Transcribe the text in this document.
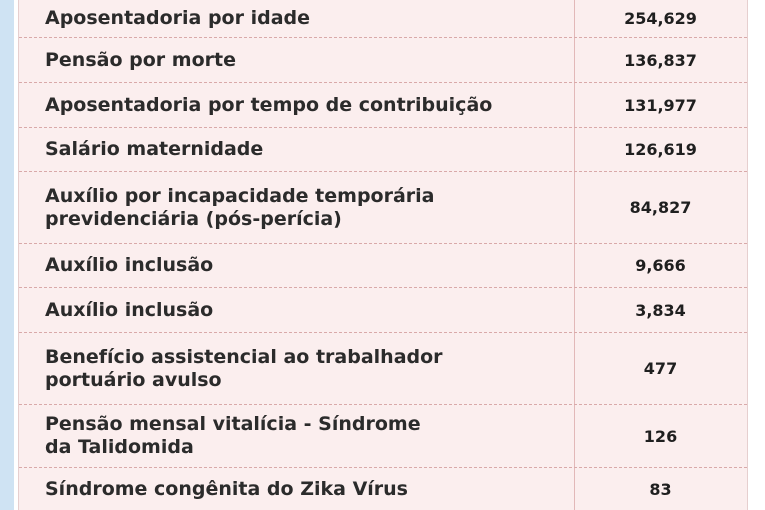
Aposentadoria por idade	254,629
Pensão por morte	136,837
Aposentadoria por tempo de contribuição	131,977
Salário maternidade	126,619
Auxílio por incapacidade temporária
previdenciária (pós-perícia)	84,827
Auxílio inclusão	9,666
Auxílio inclusão	3,834
Benefício assistencial ao trabalhador
portuário avulso	477
Pensão mensal vitalícia - Síndrome
da Talidomida	126
Síndrome congênita do Zika Vírus	83
